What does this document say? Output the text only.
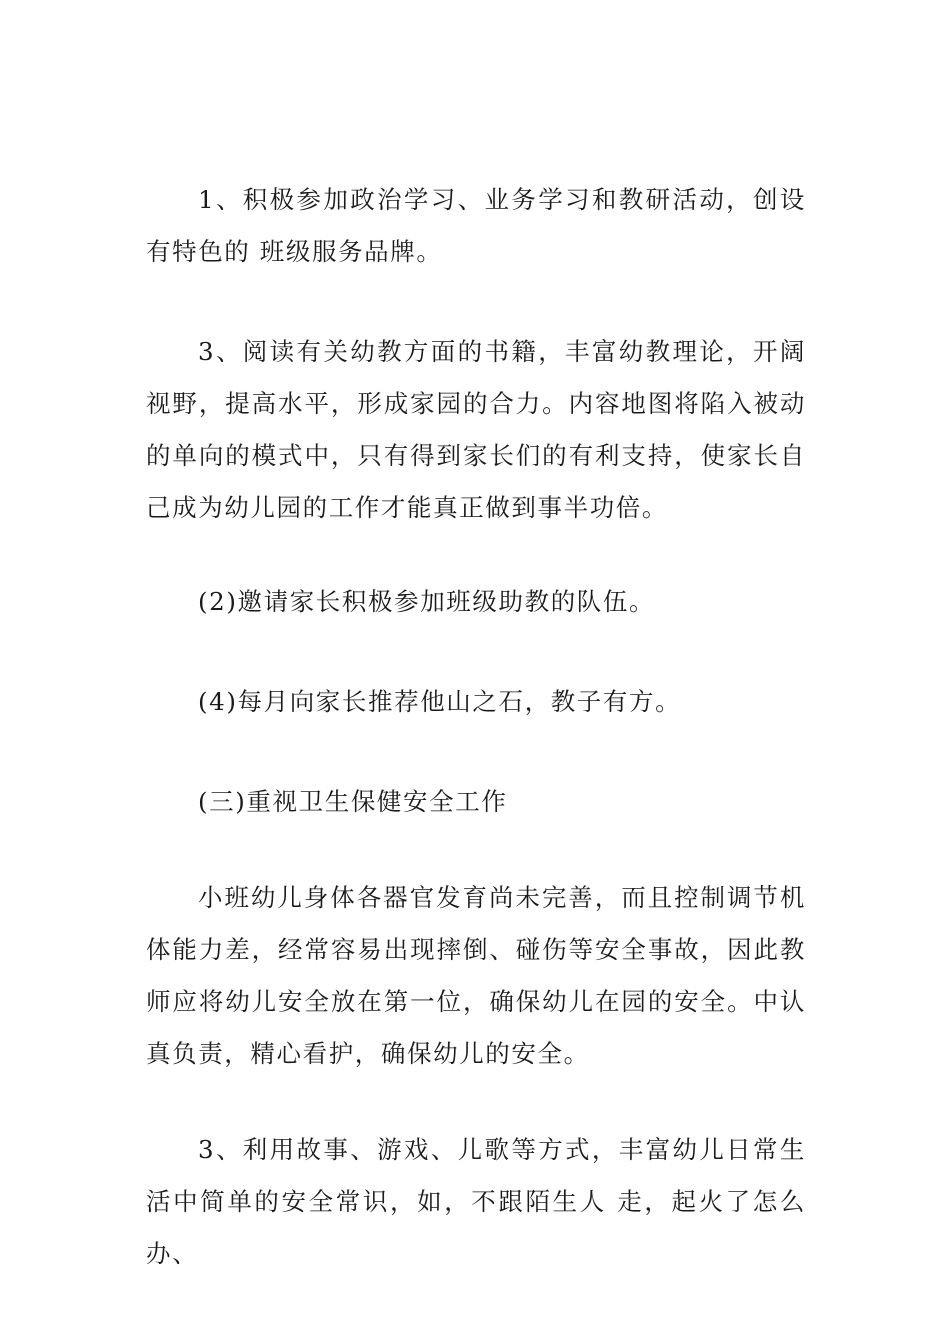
1、积极参加政治学习、业务学习和教研活动，创设有特色的 班级服务品牌。

3、阅读有关幼教方面的书籍，丰富幼教理论，开阔视野，提高水平，形成家园的合力。内容地图将陷入被动的单向的模式中，只有得到家长们的有利支持，使家长自己成为幼儿园的工作才能真正做到事半功倍。

(2)邀请家长积极参加班级助教的队伍。

(4)每月向家长推荐他山之石，教子有方。

(三)重视卫生保健安全工作

小班幼儿身体各器官发育尚未完善，而且控制调节机体能力差，经常容易出现摔倒、碰伤等安全事故，因此教师应将幼儿安全放在第一位，确保幼儿在园的安全。中认真负责，精心看护，确保幼儿的安全。

3、利用故事、游戏、儿歌等方式，丰富幼儿日常生活中简单的安全常识，如，不跟陌生人 走，起火了怎么办、
